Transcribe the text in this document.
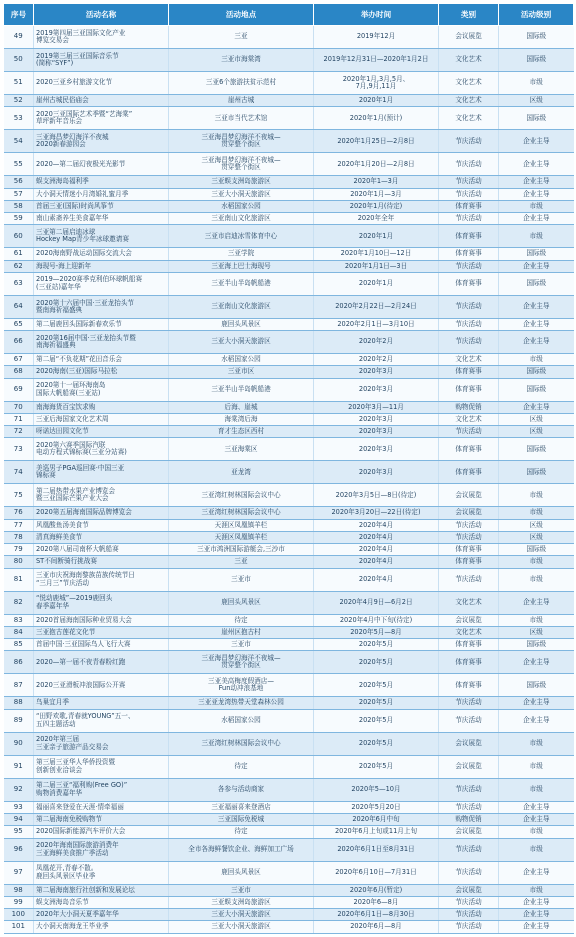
序号	活动名称	活动地点	举办时间	类别	活动级别
49	2019第四届三亚国际文化产业
博览交易会	三亚	2019年12月	会议展览	国际级
50	2019第三届三亚国际音乐节
(简称“SYF”)	三亚市海棠湾	2019年12月31日—2020年1月2日	文化艺术	国际级
51	2020三亚乡村旅游文化节	三亚6个旅游扶贫示范村	2020年1月,3月,5月、
7月,9月,11月	文化艺术	市级
52	崖州古城民俗庙会	崖州古城	2020年1月	文化艺术	区级
53	2020三亚国际艺术季暨“艺海棠”
草坪新年音乐会	三亚市当代艺术馆	2020年1月(预计)	文化艺术	国际级
54	三亚海昌梦幻海洋不夜城
2020新春游园会	三亚海昌梦幻海洋不夜城—
贯穿整个街区	2020年1月25日—2月8日	节庆活动	企业主导
55	2020—第二届幻夜极光光影节	三亚海昌梦幻海洋不夜城—
贯穿整个街区	2020年1月20日—2月8日	节庆活动	企业主导
56	蜈支洲海岛福利季	三亚蜈支洲岛旅游区	2020年1—3月	节庆活动	企业主导
57	大小洞天情迷小月湾婚礼蜜月季	三亚大小洞天旅游区	2020年1月—3月	节庆活动	企业主导
58	首届三亚(国际)时尚风筝节	水稻国家公园	2020年1月(待定)	体育赛事	市级
59	南山素斋养生美食嘉年华	三亚南山文化旅游区	2020年全年	节庆活动	企业主导
60	三亚第二届启迪冰球
Hockey Map青少年冰球邀请赛	三亚市启迪冰雪体育中心	2020年1月	体育赛事	市级
61	2020海南野战运动国际交流大会	三亚学院	2020年1月10日—12日	体育赛事	国际级
62	海现号-海上迎新年	三亚海上巴士海现号	2020年1月1日—3日	节庆活动	企业主导
63	2019—2020赛季克利伯环球帆船赛
(三亚站)嘉年华	三亚半山半岛帆船港	2020年1月	体育赛事	国际级
64	2020第十六届中国·三亚龙抬头节
暨南海祈福盛典	三亚南山文化旅游区	2020年2月22日—2月24日	节庆活动	企业主导
65	第二届鹿回头国际新春欢乐节	鹿回头风景区	2020年2月1日—3月10日	节庆活动	企业主导
66	2020第16届中国·三亚龙抬头节暨
南海祈福盛典	三亚大小洞天旅游区	2020年2月	节庆活动	企业主导
67	第二届“不负花期”花田音乐会	水稻国家公园	2020年2月	文化艺术	市级
68	2020海南(三亚)国际马拉松	三亚市区	2020年3月	体育赛事	国际级
69	2020第十一届环海南岛
国际大帆船赛(三亚站)	三亚半山半岛帆船港	2020年3月	体育赛事	国际级
70	南海海货百宝饮求购	后海、崖城	2020年3月—11月	购物促销	企业主导
71	三亚后海国家文化艺术周	海棠湾后海	2020年3月	文化艺术	区级
72	呀诺达田园文化节	育才生态区西村	2020年3月	节庆活动	区级
73	2020第六赛季国际汽联
电动方程式锦标赛(三亚分站赛)	三亚海棠区	2020年3月	体育赛事	国际级
74	美巡男子PGA巡回赛·中国三亚
锦标赛	亚龙湾	2020年3月	体育赛事	国际级
75	第二届热带水果产业博览会
暨三亚国际芒果产业大会	三亚湾红树林国际会议中心	2020年3月5日—8日(待定)	会议展览	市级
76	2020第五届海南国际品牌博览会	三亚湾红树林国际会议中心	2020年3月20日—22日(待定)	会议展览	市级
77	风凰酸鱼汤美食节	天涯区凤凰镇羊栏	2020年4月	节庆活动	区级
78	清真海鲜美食节	天涯区凤凰镇羊栏	2020年4月	节庆活动	区级
79	2020第八届司南杯大帆船赛	三亚市鸿洲国际游艇会,三沙市	2020年4月	体育赛事	国际级
80	ST不间断骑行挑战赛	三亚	2020年4月	体育赛事	市级
81	三亚市庆祝海南黎族苗族传统节日
“三月三”节庆活动	三亚市	2020年4月	节庆活动	市级
82	“悦动鹿城”—2019鹿回头
春季嘉年华	鹿回头风景区	2020年4月9日—6月2日	文化艺术	企业主导
83	2020首届海南国际种业贸易大会	待定	2020年4月中下旬(待定)	会议展览	市级
84	三亚抱古莲花文化节	崖州区抱古村	2020年5月—8月	文化艺术	区级
85	首届中国·三亚国际鸟人飞行大赛	三亚市	2020年5月	体育赛事	国际级
86	2020—第一届不夜青春粉红跑	三亚海昌梦幻海洋不夜城—
贯穿整个街区	2020年5月	体育赛事	企业主导
87	2020三亚滑板冲浪国际公开赛	三亚美高梅度假酒店—
Fun动冲浪基地	2020年5月	体育赛事	国际级
88	鸟巢宜月季	三亚亚龙湾热带天堂森林公园	2020年5月	节庆活动	企业主导
89	“田野欢歌,青春就YOUNG”五一、
五四主题活动	水稻国家公园	2020年5月	节庆活动	企业主导
90	2020年第三届
三亚亲子旅游产品交易会	三亚湾红树林国际会议中心	2020年5月	会议展览	市级
91	第三届三亚华人华侨投资暨
创新创业洽谈会	待定	2020年5月	会议展览	市级
92	第二届三亚“福利购(Free GO)”
购物消费嘉年华	各参与活动商家	2020年5—10月	节庆活动	市级
93	福丽喜来登爱在天涯·情牵福丽	三亚福丽喜来登酒店	2020年5月20日	节庆活动	企业主导
94	第二届海南免税购物节	三亚国际免税城	2020年6月中旬	购物促销	企业主导
95	2020国际新能源汽车评价大会	待定	2020年6月上旬或11月上旬	会议展览	市级
96	2020年海南国际旅游消费年
三亚海鲜美食推广季活动	全市各海鲜餐饮企业、海鲜加工广场	2020年6月1日至8月31日	节庆活动	市级
97	凤凰花开,青春不散。
鹿回头风景区毕业季	鹿回头风景区	2020年6月10日—7月31日	节庆活动	企业主导
98	第二届海南旅行社创新和发展论坛	三亚市	2020年6月(暂定)	会议展览	市级
99	蜈支洲海岛音乐节	三亚蜈支洲岛旅游区	2020年6—8月	节庆活动	企业主导
100	2020年大小洞天夏季嘉年华	三亚大小洞天旅游区	2020年6月1日—8月30日	节庆活动	企业主导
101	大小洞天南海龙王毕业季	三亚大小洞天旅游区	2020年6月—8月	节庆活动	企业主导
